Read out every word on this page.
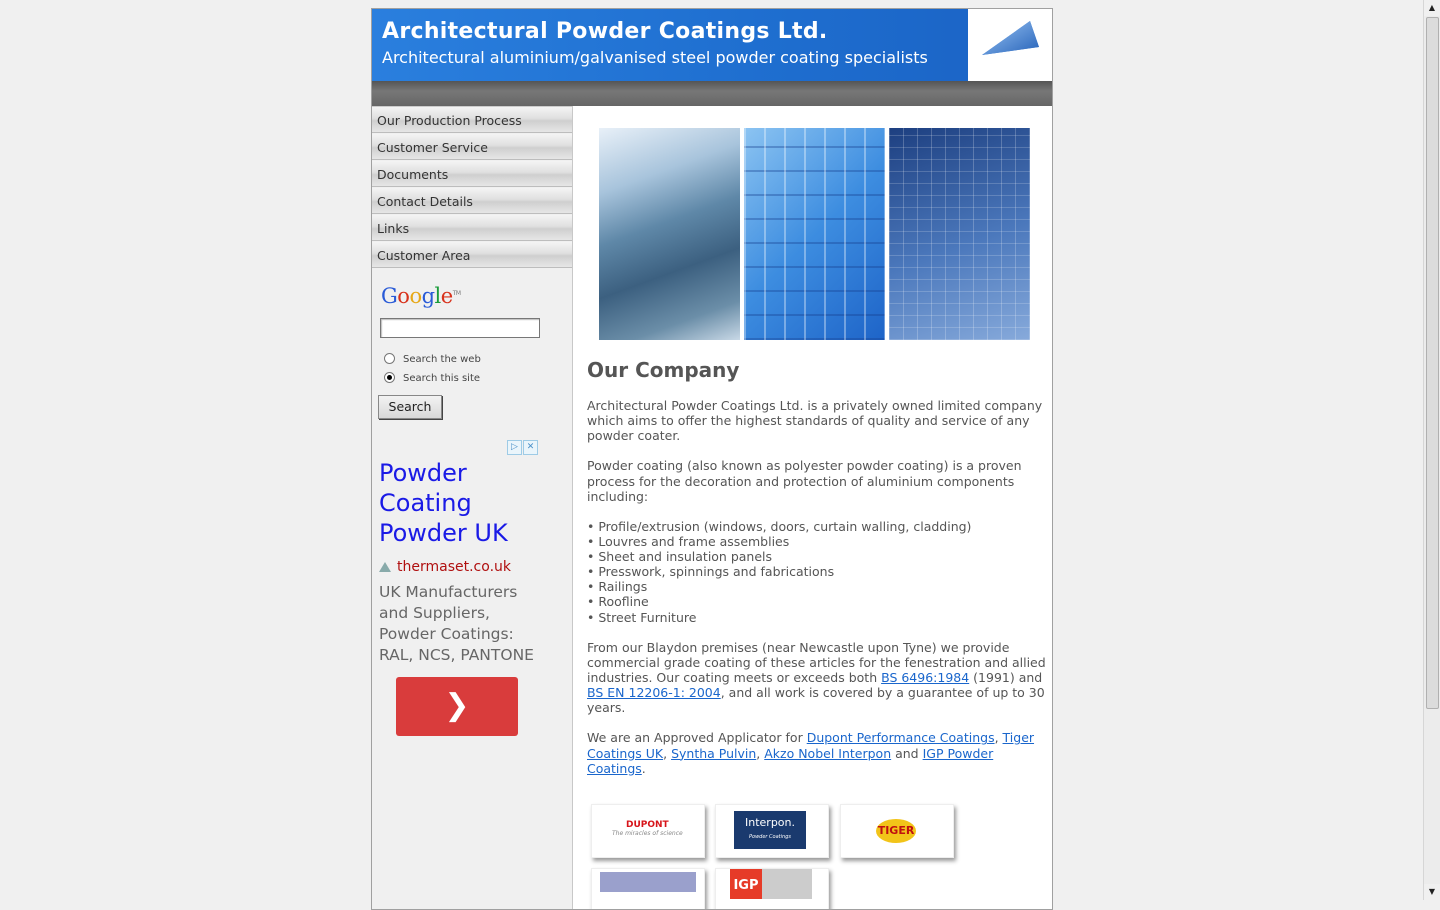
Architectural Powder Coatings Ltd.
Architectural aluminium/galvanised steel powder coating specialists
Our Production Process
Customer Service
Documents
Contact Details
Links
Customer Area
Google™
Search the web
Search this site
Search
▷ ✕
Powder Coating Powder UK
thermaset.co.uk
UK Manufacturers and Suppliers, Powder Coatings: RAL, NCS, PANTONE
❯
Our Company

Architectural Powder Coatings Ltd. is a privately owned limited company which aims to offer the highest standards of quality and service of any powder coater.

Powder coating (also known as polyester powder coating) is a proven process for the decoration and protection of aluminium components including:

• Profile/extrusion (windows, doors, curtain walling, cladding)
• Louvres and frame assemblies
• Sheet and insulation panels
• Presswork, spinnings and fabrications
• Railings
• Roofline
• Street Furniture

From our Blaydon premises (near Newcastle upon Tyne) we provide commercial grade coating of these articles for the fenestration and allied industries. Our coating meets or exceeds both BS 6496:1984 (1991) and BS EN 12206-1: 2004, and all work is covered by a guarantee of up to 30 years.

We are an Approved Applicator for Dupont Performance Coatings, Tiger Coatings UK, Syntha Pulvin, Akzo Nobel Interpon and IGP Powder Coatings.

DUPONT
The miracles of science
Interpon.
Powder Coatings	TIGER
IGP
▲
▼
